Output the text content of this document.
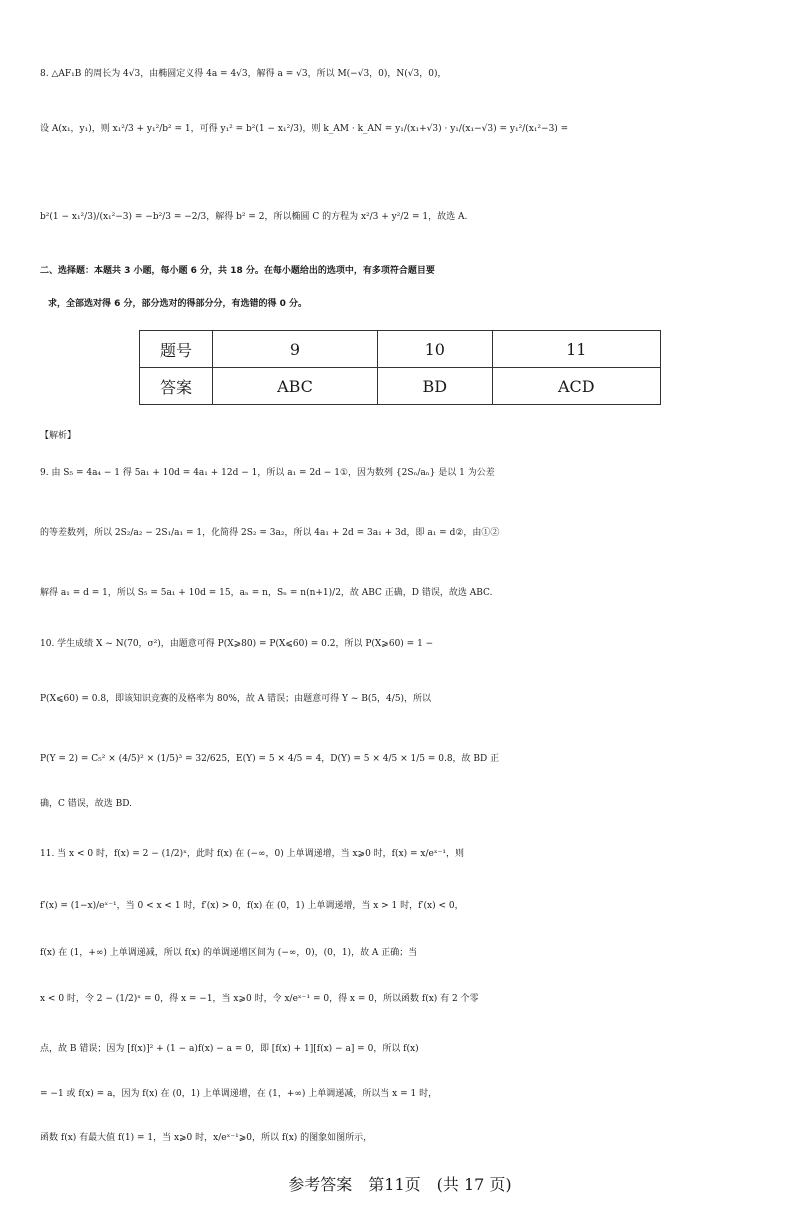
8. △AF₁B 的周长为 4√3，由椭圆定义得 4a = 4√3，解得 a = √3，所以 M(−√3，0)，N(√3，0)，
设 A(x₁，y₁)，则 x₁²/3 + y₁²/b² = 1，可得 y₁² = b²(1 − x₁²/3)，则 k_AM · k_AN = y₁/(x₁+√3) · y₁/(x₁−√3) = y₁²/(x₁²−3) =
b²(1 − x₁²/3)/(x₁²−3) = −b²/3 = −2/3，解得 b² = 2，所以椭圆 C 的方程为 x²/3 + y²/2 = 1，故选 A.
二、选择题：本题共 3 小题，每小题 6 分，共 18 分。在每小题给出的选项中，有多项符合题目要
求，全部选对得 6 分，部分选对的得部分分，有选错的得 0 分。
题号	9	10	11
答案	ABC	BD	ACD
【解析】
9. 由 S₅ = 4a₄ − 1 得 5a₁ + 10d = 4a₁ + 12d − 1，所以 a₁ = 2d − 1①，因为数列 {2Sₙ/aₙ} 是以 1 为公差
的等差数列，所以 2S₂/a₂ − 2S₁/a₁ = 1，化简得 2S₂ = 3a₂，所以 4a₁ + 2d = 3a₁ + 3d，即 a₁ = d②，由①②
解得 a₁ = d = 1，所以 S₅ = 5a₁ + 10d = 15，aₙ = n，Sₙ = n(n+1)/2，故 ABC 正确，D 错误，故选 ABC.
10. 学生成绩 X ~ N(70，σ²)，由题意可得 P(X⩾80) = P(X⩽60) = 0.2，所以 P(X⩾60) = 1 −
P(X⩽60) = 0.8，即该知识竞赛的及格率为 80%，故 A 错误；由题意可得 Y ~ B(5，4/5)，所以
P(Y = 2) = C₅² × (4/5)² × (1/5)³ = 32/625，E(Y) = 5 × 4/5 = 4，D(Y) = 5 × 4/5 × 1/5 = 0.8，故 BD 正
确，C 错误，故选 BD.
11. 当 x < 0 时，f(x) = 2 − (1/2)ˣ，此时 f(x) 在 (−∞，0) 上单调递增，当 x⩾0 时，f(x) = x/eˣ⁻¹，则
f′(x) = (1−x)/eˣ⁻¹，当 0 < x < 1 时，f′(x) > 0，f(x) 在 (0，1) 上单调递增，当 x > 1 时，f′(x) < 0，
f(x) 在 (1，+∞) 上单调递减，所以 f(x) 的单调递增区间为 (−∞，0)，(0，1)，故 A 正确；当
x < 0 时，令 2 − (1/2)ˣ = 0，得 x = −1，当 x⩾0 时，令 x/eˣ⁻¹ = 0，得 x = 0，所以函数 f(x) 有 2 个零
点，故 B 错误；因为 [f(x)]² + (1 − a)f(x) − a = 0，即 [f(x) + 1][f(x) − a] = 0，所以 f(x)
= −1 或 f(x) = a，因为 f(x) 在 (0，1) 上单调递增，在 (1，+∞) 上单调递减，所以当 x = 1 时，
函数 f(x) 有最大值 f(1) = 1，当 x⩾0 时，x/eˣ⁻¹⩾0，所以 f(x) 的图象如图所示，
参考答案　第11页　(共 17 页)
